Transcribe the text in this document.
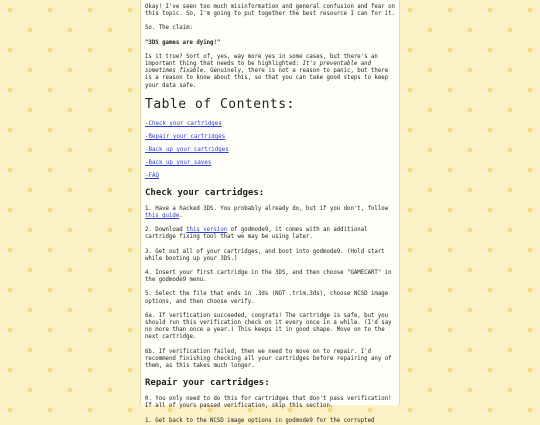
Okay! I've seen too much misinformation and general confusion and fear on this topic. So, I'm going to put together the best resource I can for it.

So. The claim:

"3DS games are dying!"

Is it true? Sort of, yes, way more yes in some cases, but there's an important thing that needs to be highlighted: It's preventable and sometimes fixable. Genuinely, there is not a reason to panic, but there is a reason to know about this, so that you can take good steps to keep your data safe.

Table of Contents:
-Check your cartridges
-Repair your cartridges
-Back up your cartridges
-Back up your saves
-FAQ
Check your cartridges:

1. Have a hacked 3DS. You probably already do, but if you don't, follow this guide.

2. Download this version of godmode9, it comes with an additional cartridge fixing tool that we may be using later.

3. Get out all of your cartridges, and boot into godmode9. (Hold start while booting up your 3DS.)

4. Insert your first cartridge in the 3DS, and then choose "GAMECART" in the godmode9 menu.

5. Select the file that ends in .3ds (NOT .trim.3ds), choose NCSD image options, and then choose verify.

6a. If verification succeeded, congrats! The cartridge is safe, but you should run this verification check on it every once in a while. (I'd say no more than once a year.) This keeps it in good shape. Move on to the next cartridge.

6b. If verification failed, then we need to move on to repair. I'd recommend finishing checking all your cartridges before repairing any of them, as this takes much longer.

Repair your cartridges:

0. You only need to do this for cartridges that don't pass verification! If all of yours passed verification, skip this section.

1. Get back to the NCSD image options in godmode9 for the corrupted
